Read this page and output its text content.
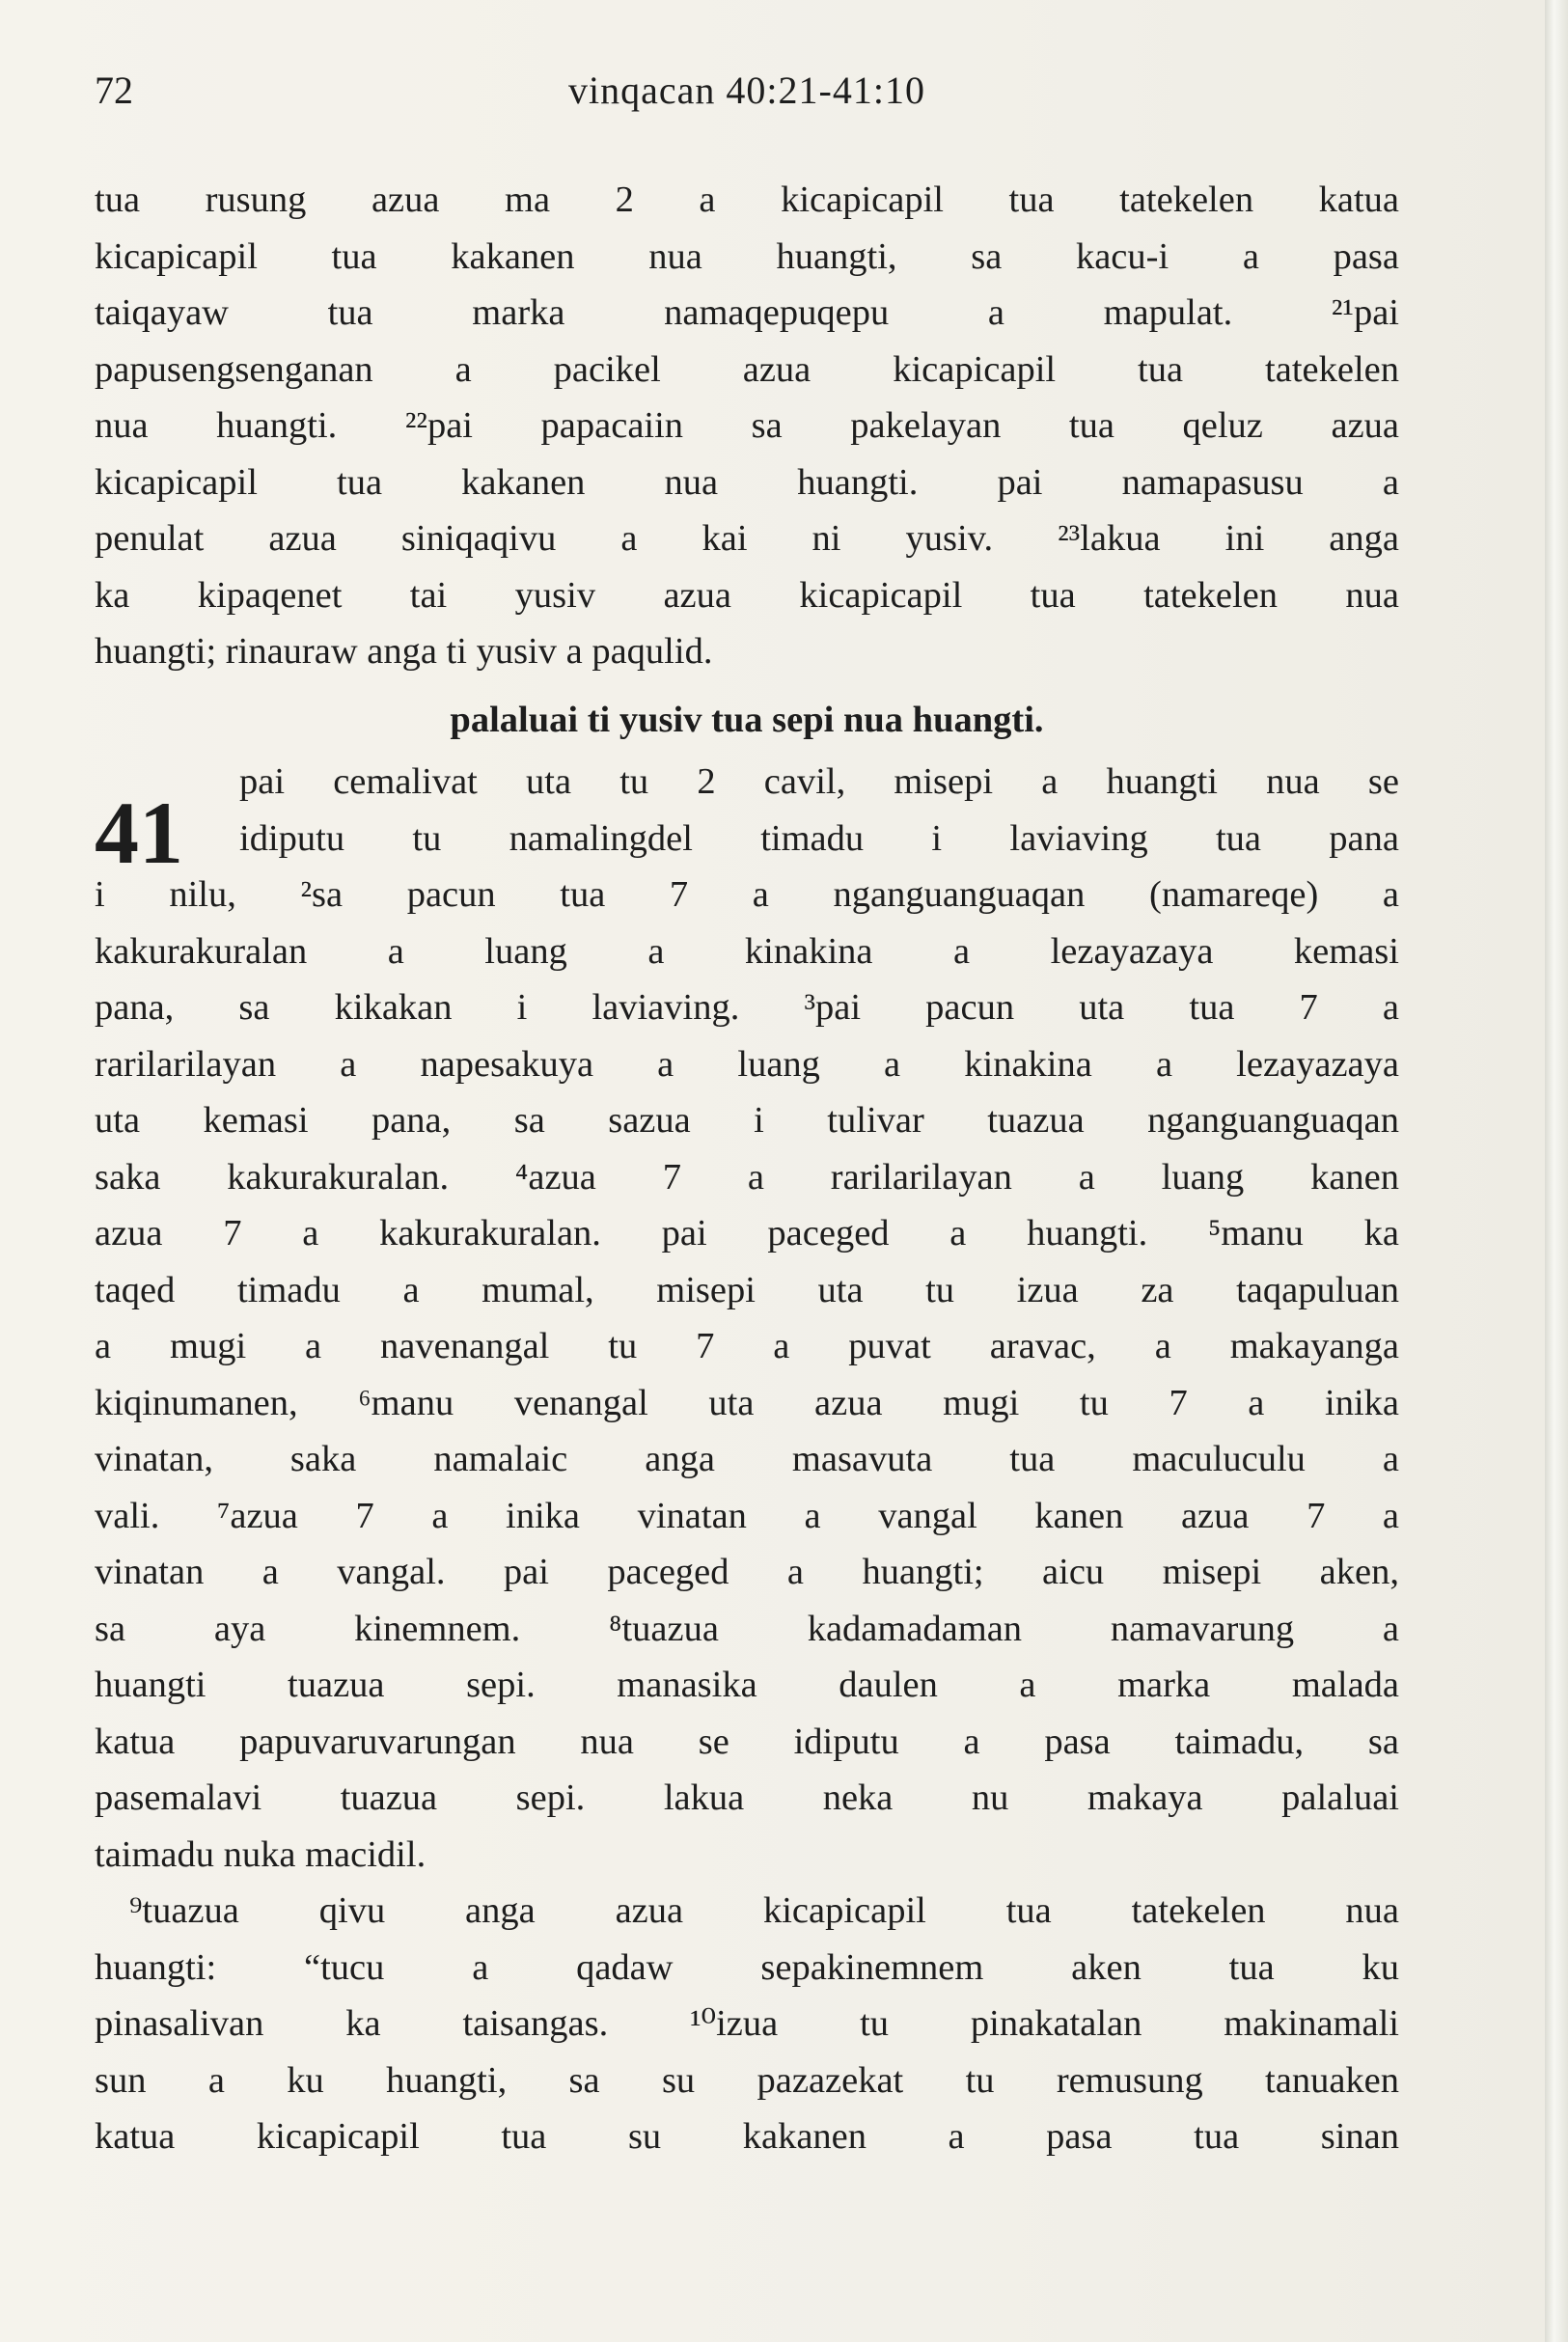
72	vinqacan 40:21-41:10
tua rusung azua ma 2 a kicapicapil tua tatekelen katua
kicapicapil tua kakanen nua huangti, sa kacu-i a pasa
taiqayaw tua marka namaqepuqepu a mapulat. ²¹pai
papusengsenganan a pacikel azua kicapicapil tua tatekelen
nua huangti. ²²pai papacaiin sa pakelayan tua qeluz azua
kicapicapil tua kakanen nua huangti. pai namapasusu a
penulat azua siniqaqivu a kai ni yusiv. ²³lakua ini anga
ka kipaqenet tai yusiv azua kicapicapil tua tatekelen nua
huangti; rinauraw anga ti yusiv a paqulid.
palaluai ti yusiv tua sepi nua huangti.
41
pai cemalivat uta tu 2 cavil, misepi a huangti nua se
idiputu tu namalingdel timadu i laviaving tua pana
i nilu, ²sa pacun tua 7 a nganguanguaqan (namareqe) a
kakurakuralan a luang a kinakina a lezayazaya kemasi
pana, sa kikakan i laviaving. ³pai pacun uta tua 7 a
rarilarilayan a napesakuya a luang a kinakina a lezayazaya
uta kemasi pana, sa sazua i tulivar tuazua nganguanguaqan
saka kakurakuralan. ⁴azua 7 a rarilarilayan a luang kanen
azua 7 a kakurakuralan. pai paceged a huangti. ⁵manu ka
taqed timadu a mumal, misepi uta tu izua za taqapuluan
a mugi a navenangal tu 7 a puvat aravac, a makayanga
kiqinumanen, ⁶manu venangal uta azua mugi tu 7 a inika
vinatan, saka namalaic anga masavuta tua maculuculu a
vali. ⁷azua 7 a inika vinatan a vangal kanen azua 7 a
vinatan a vangal. pai paceged a huangti; aicu misepi aken,
sa aya kinemnem. ⁸tuazua kadamadaman namavarung a
huangti tuazua sepi. manasika daulen a marka malada
katua papuvaruvarungan nua se idiputu a pasa taimadu, sa
pasemalavi tuazua sepi. lakua neka nu makaya palaluai
taimadu nuka macidil.
⁹tuazua qivu anga azua kicapicapil tua tatekelen nua
huangti: “tucu a qadaw sepakinemnem aken tua ku
pinasalivan ka taisangas. ¹⁰izua tu pinakatalan makinamali
sun a ku huangti, sa su pazazekat tu remusung tanuaken
katua kicapicapil tua su kakanen a pasa tua sinan
